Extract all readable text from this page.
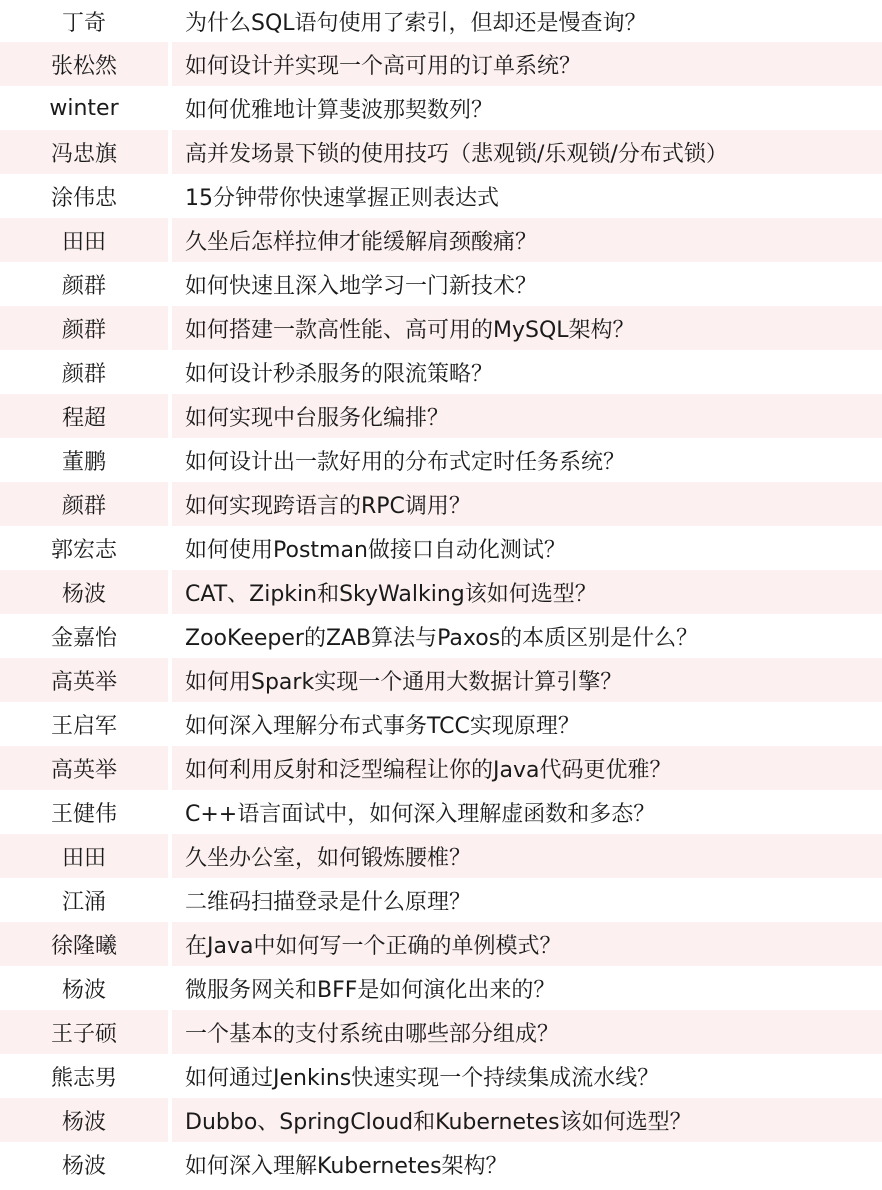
丁奇	为什么SQL语句使用了索引，但却还是慢查询？
张松然	如何设计并实现一个高可用的订单系统？
winter	如何优雅地计算斐波那契数列？
冯忠旗	高并发场景下锁的使用技巧（悲观锁/乐观锁/分布式锁）
涂伟忠	15分钟带你快速掌握正则表达式
田田	久坐后怎样拉伸才能缓解肩颈酸痛？
颜群	如何快速且深入地学习一门新技术？
颜群	如何搭建一款高性能、高可用的MySQL架构？
颜群	如何设计秒杀服务的限流策略？
程超	如何实现中台服务化编排？
董鹏	如何设计出一款好用的分布式定时任务系统？
颜群	如何实现跨语言的RPC调用？
郭宏志	如何使用Postman做接口自动化测试？
杨波	CAT、Zipkin和SkyWalking该如何选型？
金嘉怡	ZooKeeper的ZAB算法与Paxos的本质区别是什么？
高英举	如何用Spark实现一个通用大数据计算引擎？
王启军	如何深入理解分布式事务TCC实现原理？
高英举	如何利用反射和泛型编程让你的Java代码更优雅？
王健伟	C++语言面试中，如何深入理解虚函数和多态？
田田	久坐办公室，如何锻炼腰椎？
江涌	二维码扫描登录是什么原理？
徐隆曦	在Java中如何写一个正确的单例模式？
杨波	微服务网关和BFF是如何演化出来的？
王子硕	一个基本的支付系统由哪些部分组成？
熊志男	如何通过Jenkins快速实现一个持续集成流水线？
杨波	Dubbo、SpringCloud和Kubernetes该如何选型？
杨波	如何深入理解Kubernetes架构？
